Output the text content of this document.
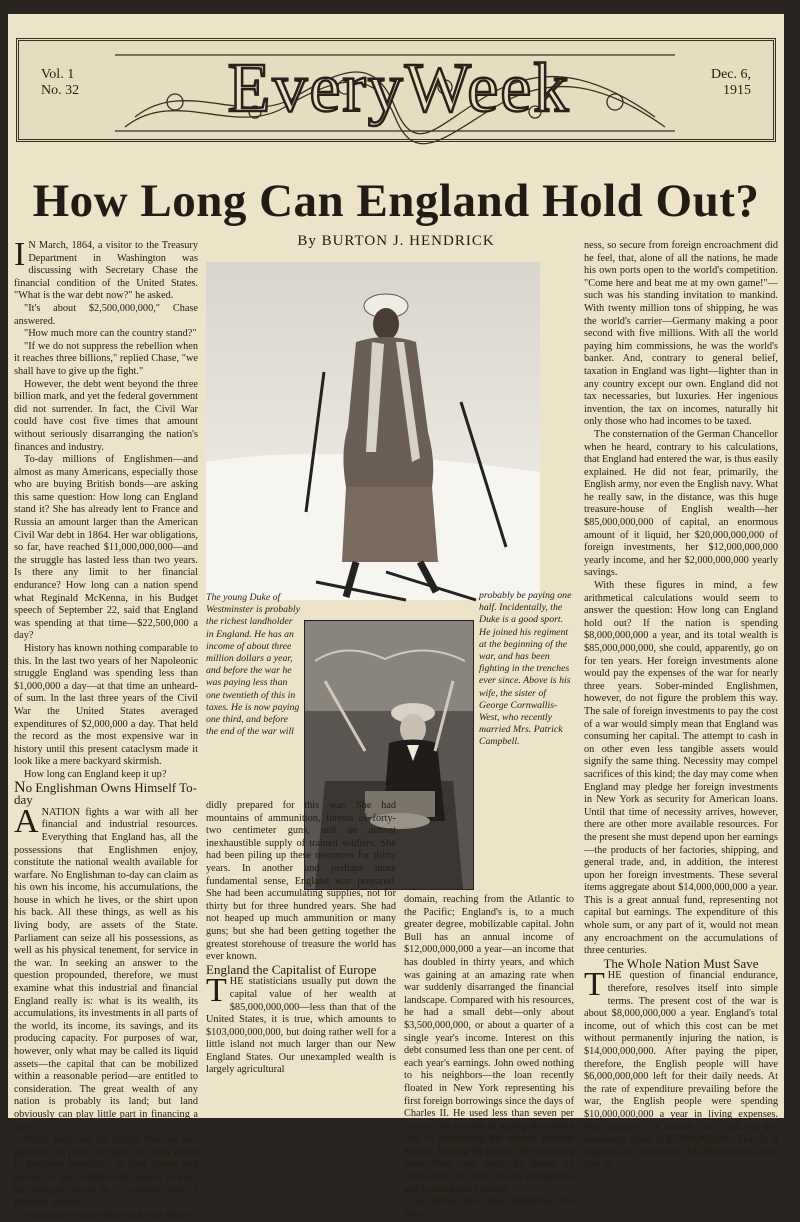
Vol. 1
No. 32	EveryWeek	Dec. 6,
1915
How Long Can England Hold Out?
By BURTON J. HENDRICK

I N March, 1864, a visitor to the Treasury Department in Washington was discussing with Secretary Chase the financial condition of the United States. "What is the war debt now?" he asked.

"It's about $2,500,000,000," Chase answered.

"How much more can the country stand?"

"If we do not suppress the rebellion when it reaches three billions," replied Chase, "we shall have to give up the fight."

However, the debt went beyond the three billion mark, and yet the federal government did not surrender. In fact, the Civil War could have cost five times that amount without seriously disarranging the nation's finances and industry.

To-day millions of Englishmen—and almost as many Americans, especially those who are buying British bonds—are asking this same question: How long can England stand it? She has already lent to France and Russia an amount larger than the American Civil War debt in 1864. Her war obligations, so far, have reached $11,000,000,000—and the struggle has lasted less than two years. Is there any limit to her financial endurance? How long can a nation spend what Reginald McKenna, in his Budget speech of September 22, said that England was spending at that time—$22,500,000 a day?

History has known nothing comparable to this. In the last two years of her Napoleonic struggle England was spending less than $1,000,000 a day—at that time an unheard-of sum. In the last three years of the Civil War the United States averaged expenditures of $2,000,000 a day. That held the record as the most expensive war in history until this present cataclysm made it look like a mere backyard skirmish.

How long can England keep it up?

No Englishman Owns Himself To-day

ANATION fights a war with all her financial and industrial resources. Everything that England has, all the possessions that Englishmen enjoy, constitute the national wealth available for warfare. No Englishman to-day can claim as his own his income, his accumulations, the house in which he lives, or the shirt upon his back. All these things, as well as his living body, are assets of the State. Parliament can seize all his possessions, as well as his physical tenement, for service in the war. In seeking an answer to the question propounded, therefore, we must examine what this industrial and financial England really is: what is its wealth, its accumulations, its investments in all parts of the world, its income, its savings, and its producing capacity. For purposes of war, however, only what may be called its liquid assets—the capital that can be mobilized within a reasonable period—are entitled to consideration. The great wealth of any nation is probably its land; but land obviously can play little part in financing a war.

What, then, are the things that the tax-gatherer can place his hands on, with which to purchase munitions, to feed armies and navies, to pay soldiers and sailors, to keep the military forces in a constant state of efficient action?

Germany, we have been told, was splen-

The young Duke of Westminster is probably the richest landholder in England. He has an income of about three million dollars a year, and before the war he was paying less than one twentieth of this in taxes. He is now paying one third, and before the end of the war will
probably be paying one half. Incidentally, the Duke is a good sport. He joined his regiment at the beginning of the war, and has been fighting in the trenches ever since. Above is his wife, the sister of George Cornwallis-West, who recently married Mrs. Patrick Campbell.

didly prepared for this war. She had mountains of ammunition, forests of forty-two centimeter guns, and an almost inexhaustible supply of trained soldiers. She had been piling up these resources for thirty years. In another and perhaps more fundamental sense, England was prepared. She had been accumulating supplies, not for thirty but for three hundred years. She had not heaped up much ammunition or many guns; but she had been getting together the greatest storehouse of treasure the world has ever known.

England the Capitalist of Europe

THE statisticians usually put down the capital value of her wealth at $85,000,000,000—less than that of the United States, it is true, which amounts to $103,000,000,000, but doing rather well for a little island not much larger than our New England States. Our unexampled wealth is largely agricultural

domain, reaching from the Atlantic to the Pacific; England's is, to a much greater degree, mobilizable capital. John Bull has an annual income of $12,000,000,000 a year—an income that has doubled in thirty years, and which was gaining at an amazing rate when war suddenly disarranged the financial landscape. Compared with his resources, he had a small debt—only about $3,500,000,000, or about a quarter of a single year's income. Interest on this debt consumed less than one per cent. of each year's earnings. John owed nothing to his neighbors—the loan recently floated in New York representing his first foreign borrowings since the days of Charles II. He used less than seven per cent. of his income in paying the annual cost of conducting the world's greatest empire, leaving his people the remaining ninety-three per cent. to spend on themselves, to build up new enterprises, and to make more money.

So firmly had John established his busi-

ness, so secure from foreign encroachment did he feel, that, alone of all the nations, he made his own ports open to the world's competition. "Come here and beat me at my own game!"—such was his standing invitation to mankind. With twenty million tons of shipping, he was the world's carrier—Germany making a poor second with five millions. With all the world paying him commissions, he was the world's banker. And, contrary to general belief, taxation in England was light—lighter than in any country except our own. England did not tax necessaries, but luxuries. Her ingenious invention, the tax on incomes, naturally hit only those who had incomes to be taxed.

The consternation of the German Chancellor when he heard, contrary to his calculations, that England had entered the war, is thus easily explained. He did not fear, primarily, the English army, nor even the English navy. What he really saw, in the distance, was this huge treasure-house of English wealth—her $85,000,000,000 of capital, an enormous amount of it liquid, her $20,000,000,000 of foreign investments, her $12,000,000,000 yearly income, and her $2,000,000,000 yearly savings.

With these figures in mind, a few arithmetical calculations would seem to answer the question: How long can England hold out? If the nation is spending $8,000,000,000 a year, and its total wealth is $85,000,000,000, she could, apparently, go on for ten years. Her foreign investments alone would pay the expenses of the war for nearly three years. Sober-minded Englishmen, however, do not figure the problem this way. The sale of foreign investments to pay the cost of a war would simply mean that England was consuming her capital. The attempt to cash in on other even less tangible assets would signify the same thing. Necessity may compel sacrifices of this kind; the day may come when England may pledge her foreign investments in New York as security for American loans. Until that time of necessity arrives, however, there are other more available resources. For the present she must depend upon her earnings—the products of her factories, shipping, and general trade, and, in addition, the interest upon her foreign investments. These several items aggregate about $14,000,000,000 a year. This is a great annual fund, representing not capital but earnings. The expenditure of this whole sum, or any part of it, would not mean any encroachment on the accumulations of three centuries.

The Whole Nation Must Save

THE question of financial endurance, therefore, resolves itself into simple terms. The present cost of the war is about $8,000,000,000 a year. England's total income, out of which this cost can be met without permanently injuring the nation, is $14,000,000,000. After paying the piper, therefore, the English people will have $6,000,000,000 left for their daily needs. At the rate of expenditure prevailing before the war, the English people were spending $10,000,000,000 a year in living expenses. War expenses, as already said, will cut this allowance down to $5,000,000,000. That is, if England can economize $4,000,000,000 in the cost of
